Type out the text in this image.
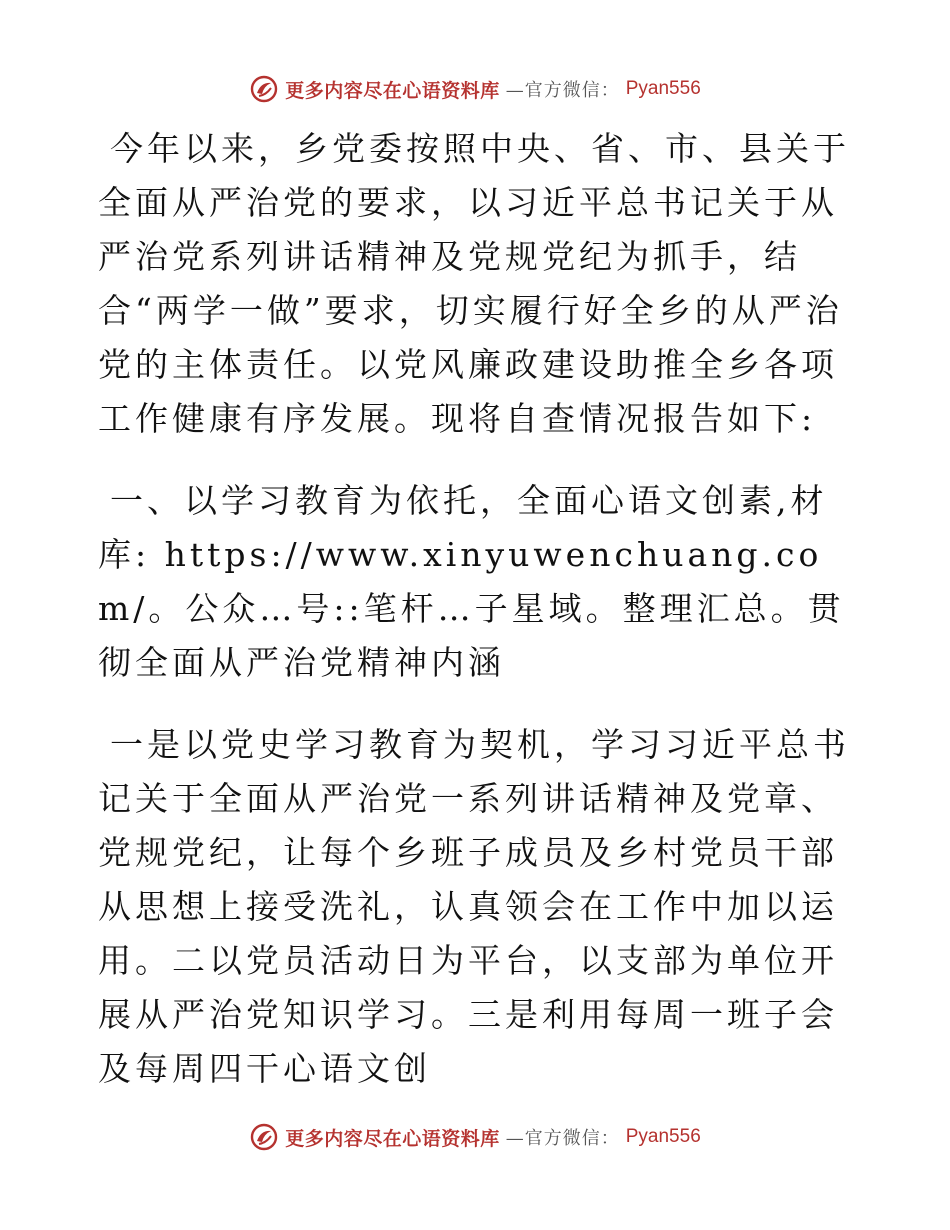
更多内容尽在心语资料库 —官方微信： Pyan556

今年以来，乡党委按照中央、省、市、县关于全面从严治党的要求，以习近平总书记关于从严治党系列讲话精神及党规党纪为抓手，结合“两学一做”要求，切实履行好全乡的从严治党的主体责任。以党风廉政建设助推全乡各项工作健康有序发展。现将自查情况报告如下:

一、以学习教育为依托，全面心语文创素,材库: https://www.xinyuwenchuang.com/。公众…号::笔杆…子星域。整理汇总。贯彻全面从严治党精神内涵

一是以党史学习教育为契机，学习习近平总书记关于全面从严治党一系列讲话精神及党章、党规党纪，让每个乡班子成员及乡村党员干部从思想上接受洗礼，认真领会在工作中加以运用。二以党员活动日为平台，以支部为单位开展从严治党知识学习。三是利用每周一班子会及每周四干心语文创

更多内容尽在心语资料库 —官方微信： Pyan556
